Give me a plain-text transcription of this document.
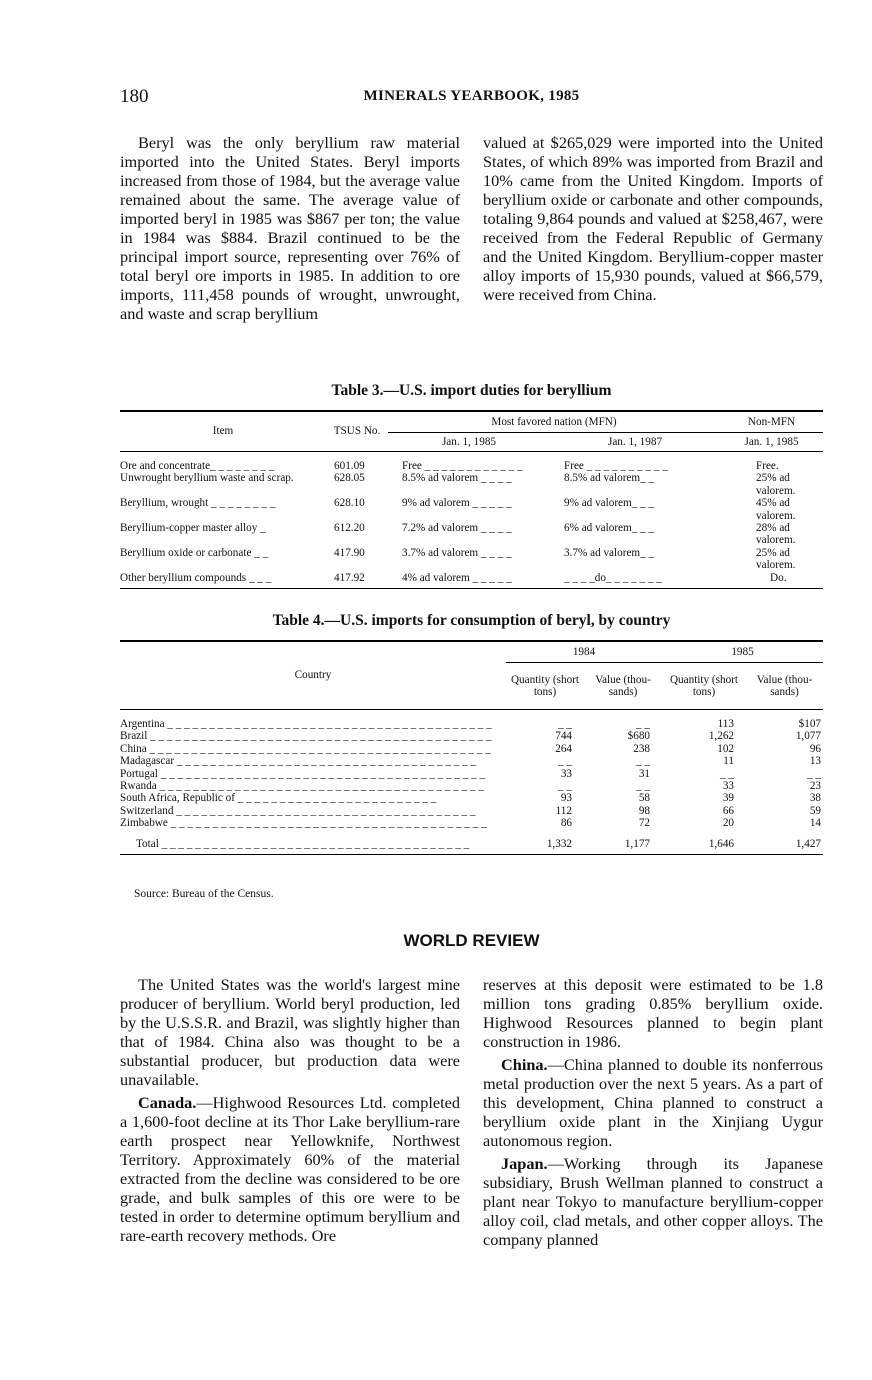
180	MINERALS YEARBOOK, 1985

Beryl was the only beryllium raw material imported into the United States. Beryl imports increased from those of 1984, but the average value remained about the same. The average value of imported beryl in 1985 was $867 per ton; the value in 1984 was $884. Brazil continued to be the principal import source, representing over 76% of total beryl ore imports in 1985. In addition to ore imports, 111,458 pounds of wrought, unwrought, and waste and scrap beryllium

valued at $265,029 were imported into the United States, of which 89% was imported from Brazil and 10% came from the United Kingdom. Imports of beryllium oxide or carbonate and other compounds, totaling 9,864 pounds and valued at $258,467, were received from the Federal Republic of Germany and the United Kingdom. Beryllium-copper master alloy imports of 15,930 pounds, valued at $66,579, were received from China.

Table 3.—U.S. import duties for beryllium
Item	TSUS No.	Most favored nation (MFN)		Non-MFN
		Jan. 1, 1985	Jan. 1, 1987	Jan. 1, 1985

Ore and concentrate_ _ _ _ _ _ _ _	601.09	Free _ _ _ _ _ _ _ _ _ _ _ _	Free _ _ _ _ _ _ _ _ _ _	Free.
Unwrought beryllium waste and scrap.	628.05	8.5% ad valorem _ _ _ _	8.5% ad valorem_ _	25% ad valorem.
Beryllium, wrought _ _ _ _ _ _ _ _	628.10	9% ad valorem _ _ _ _ _	9% ad valorem_ _ _	45% ad valorem.
Beryllium-copper master alloy _	612.20	7.2% ad valorem _ _ _ _	6% ad valorem_ _ _	28% ad valorem.
Beryllium oxide or carbonate _ _	417.90	3.7% ad valorem _ _ _ _	3.7% ad valorem_ _	25% ad valorem.
Other beryllium compounds _ _ _	417.92	4% ad valorem _ _ _ _ _	_ _ _ _do_ _ _ _ _ _ _	Do.
Table 4.—U.S. imports for consumption of beryl, by country
Country	1984		1985	
	Quantity (short tons)	Value (thou- sands)	Quantity (short tons)	Value (thou- sands)

Argentina _ _ _ _ _ _ _ _ _ _ _ _ _ _ _ _ _ _ _ _ _ _ _ _ _ _ _ _ _ _ _ _ _ _ _ _ _ _ _	_ _	_ _	113	$107
Brazil _ _ _ _ _ _ _ _ _ _ _ _ _ _ _ _ _ _ _ _ _ _ _ _ _ _ _ _ _ _ _ _ _ _ _ _ _ _ _ _ _	744	$680	1,262	1,077
China _ _ _ _ _ _ _ _ _ _ _ _ _ _ _ _ _ _ _ _ _ _ _ _ _ _ _ _ _ _ _ _ _ _ _ _ _ _ _ _ _	264	238	102	96
Madagascar _ _ _ _ _ _ _ _ _ _ _ _ _ _ _ _ _ _ _ _ _ _ _ _ _ _ _ _ _ _ _ _ _ _ _ _	_ _	_ _	11	13
Portugal _ _ _ _ _ _ _ _ _ _ _ _ _ _ _ _ _ _ _ _ _ _ _ _ _ _ _ _ _ _ _ _ _ _ _ _ _ _ _	33	31	_ _	_ _
Rwanda _ _ _ _ _ _ _ _ _ _ _ _ _ _ _ _ _ _ _ _ _ _ _ _ _ _ _ _ _ _ _ _ _ _ _ _ _ _ _	_ _	_ _	33	23
South Africa, Republic of _ _ _ _ _ _ _ _ _ _ _ _ _ _ _ _ _ _ _ _ _ _ _ _	93	58	39	38
Switzerland _ _ _ _ _ _ _ _ _ _ _ _ _ _ _ _ _ _ _ _ _ _ _ _ _ _ _ _ _ _ _ _ _ _ _ _	112	98	66	59
Zimbabwe _ _ _ _ _ _ _ _ _ _ _ _ _ _ _ _ _ _ _ _ _ _ _ _ _ _ _ _ _ _ _ _ _ _ _ _ _ _	86	72	20	14
Total _ _ _ _ _ _ _ _ _ _ _ _ _ _ _ _ _ _ _ _ _ _ _ _ _ _ _ _ _ _ _ _ _ _ _ _ _	1,332	1,177	1,646	1,427
Source: Bureau of the Census.
WORLD REVIEW

The United States was the world's largest mine producer of beryllium. World beryl production, led by the U.S.S.R. and Brazil, was slightly higher than that of 1984. China also was thought to be a substantial producer, but production data were unavailable.

Canada.—Highwood Resources Ltd. completed a 1,600-foot decline at its Thor Lake beryllium-rare earth prospect near Yellowknife, Northwest Territory. Approximately 60% of the material extracted from the decline was considered to be ore grade, and bulk samples of this ore were to be tested in order to determine optimum beryllium and rare-earth recovery methods. Ore

reserves at this deposit were estimated to be 1.8 million tons grading 0.85% beryllium oxide. Highwood Resources planned to begin plant construction in 1986.

China.—China planned to double its nonferrous metal production over the next 5 years. As a part of this development, China planned to construct a beryllium oxide plant in the Xinjiang Uygur autonomous region.

Japan.—Working through its Japanese subsidiary, Brush Wellman planned to construct a plant near Tokyo to manufacture beryllium-copper alloy coil, clad metals, and other copper alloys. The company planned
